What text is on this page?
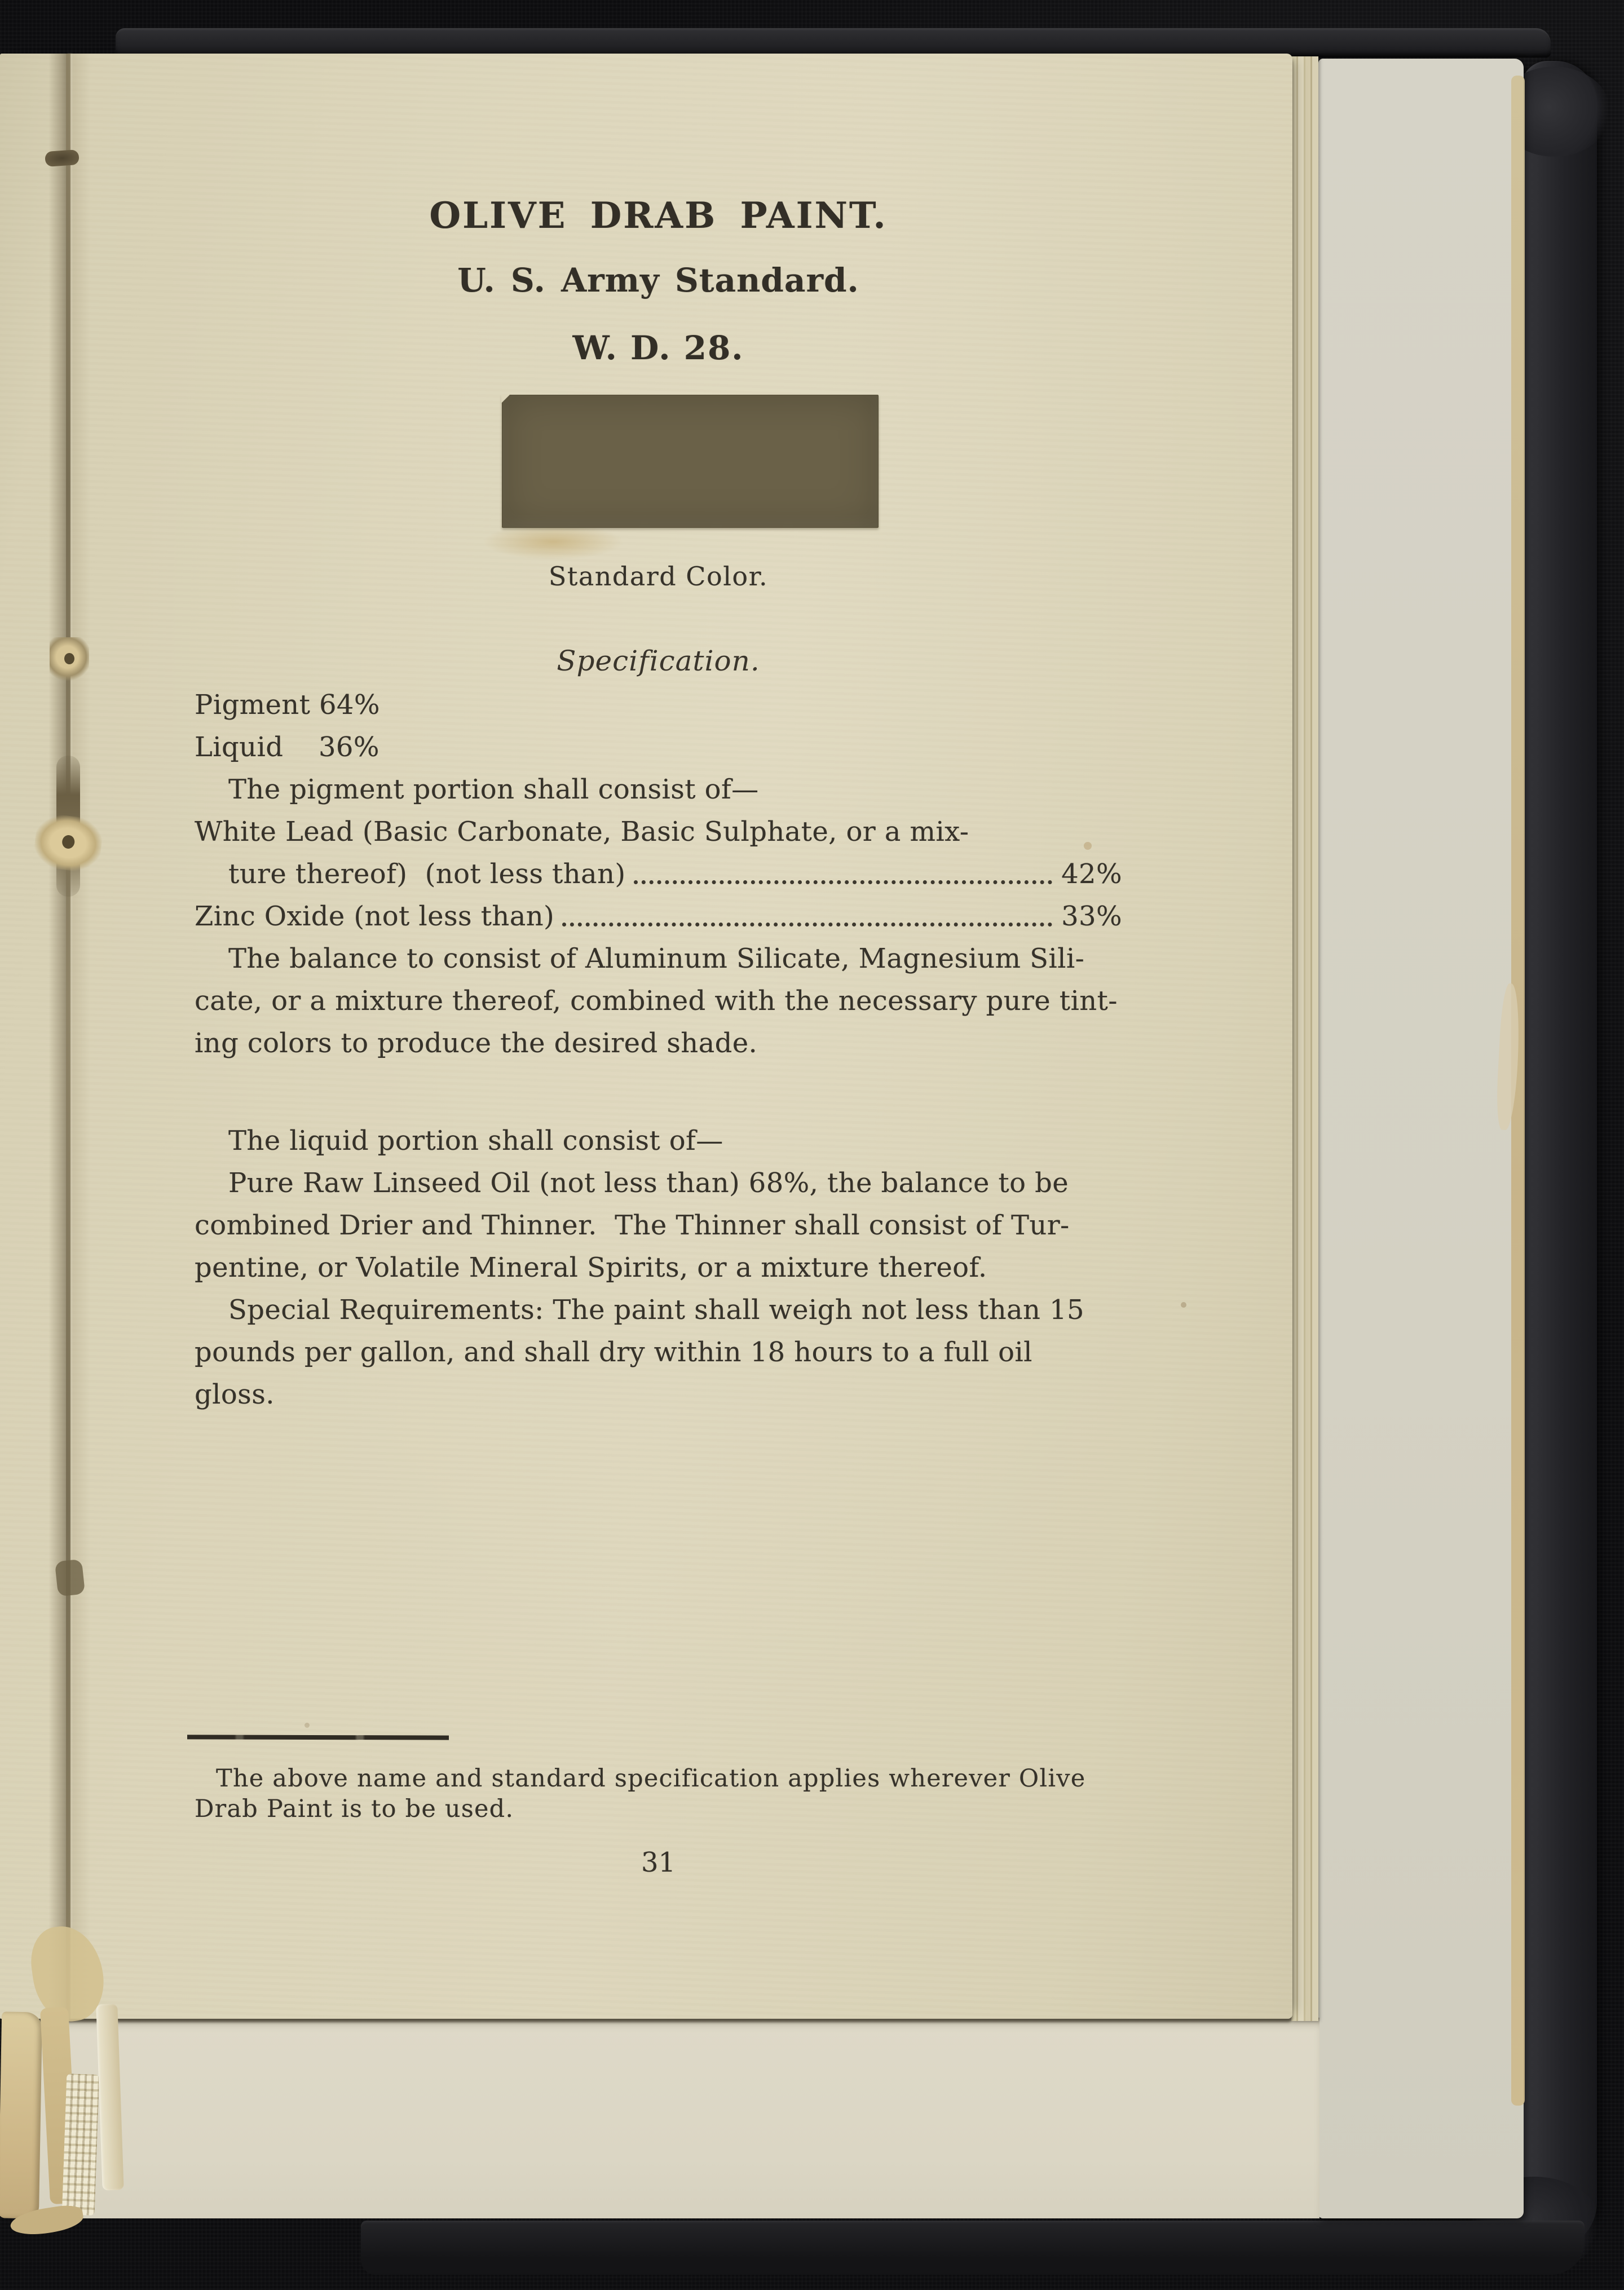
OLIVE DRAB PAINT.
U. S. Army Standard.
W. D. 28.
Standard Color.
Specification.
Pigment 64%
Liquid    36%
The pigment portion shall consist of—
White Lead (Basic Carbonate, Basic Sulphate, or a mix-
ture thereof)  (not less than)	42%
Zinc Oxide (not less than)	33%
The balance to consist of Aluminum Silicate, Magnesium Sili-
cate, or a mixture thereof, combined with the necessary pure tint-
ing colors to produce the desired shade.
The liquid portion shall consist of—
Pure Raw Linseed Oil (not less than) 68%, the balance to be
combined Drier and Thinner.  The Thinner shall consist of Tur-
pentine, or Volatile Mineral Spirits, or a mixture thereof.
Special Requirements: The paint shall weigh not less than 15
pounds per gallon, and shall dry within 18 hours to a full oil
gloss.
The above name and standard specification applies wherever Olive
Drab Paint is to be used.
31
